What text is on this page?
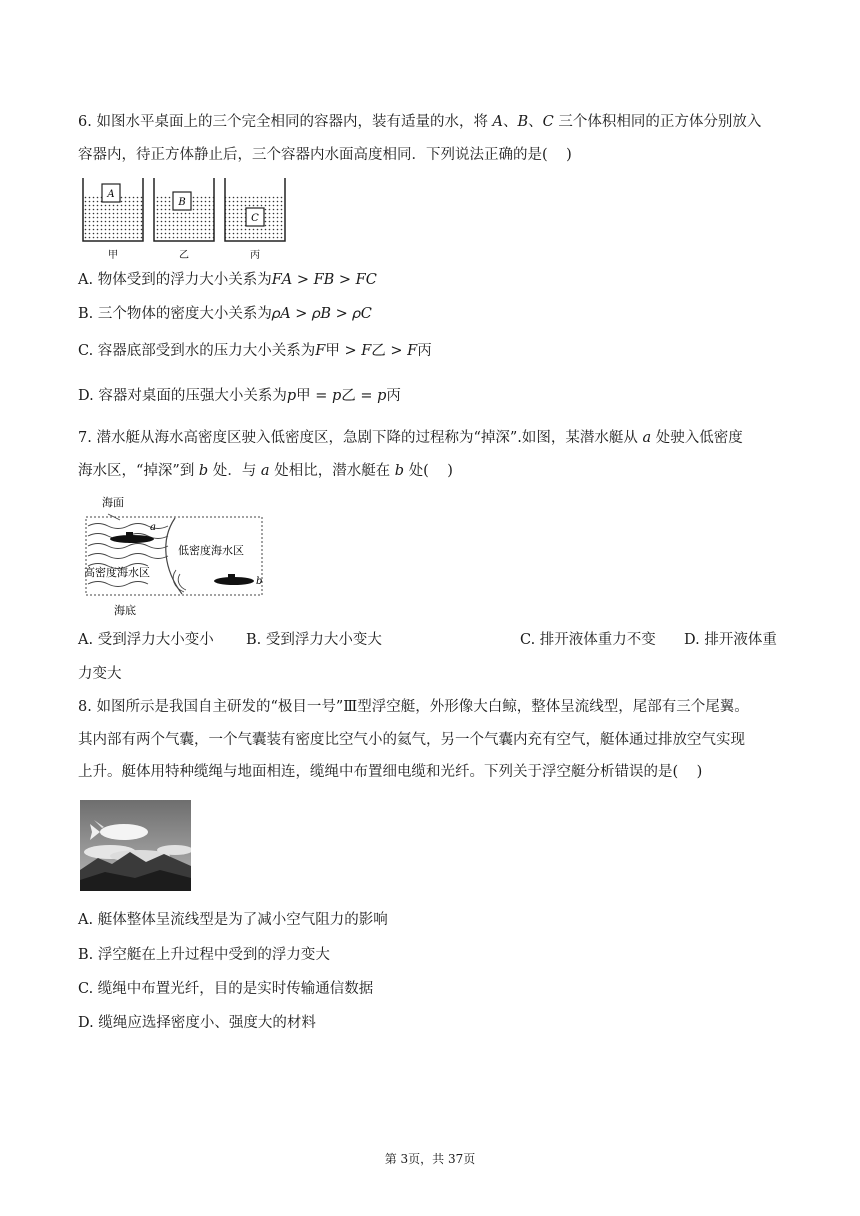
6. 如图水平桌面上的三个完全相同的容器内，装有适量的水，将 𝐴、𝐵、𝐶 三个体积相同的正方体分别放入
容器内，待正方体静止后，三个容器内水面高度相同．下列说法正确的是(    )
A
甲
B
乙
C
丙
A. 物体受到的浮力大小关系为𝐹𝐴 > 𝐹𝐵 > 𝐹𝐶
B. 三个物体的密度大小关系为𝜌𝐴 > 𝜌𝐵 > 𝜌𝐶
C. 容器底部受到水的压力大小关系为𝐹甲 > 𝐹乙 > 𝐹丙
D. 容器对桌面的压强大小关系为𝑝甲 = 𝑝乙 = 𝑝丙
7. 潜水艇从海水高密度区驶入低密度区，急剧下降的过程称为“掉深”.如图，某潜水艇从 𝑎 处驶入低密度
海水区，“掉深”到 𝑏 处．与 𝑎 处相比，潜水艇在 𝑏 处(    )
海面
a
低密度海水区
高密度海水区
b
海底
A. 受到浮力大小变小 B. 受到浮力大小变大	C. 排开液体重力不变 D. 排开液体重
力变大
8. 如图所示是我国自主研发的“极目一号”Ⅲ型浮空艇，外形像大白鲸，整体呈流线型，尾部有三个尾翼。
其内部有两个气囊，一个气囊装有密度比空气小的氦气，另一个气囊内充有空气，艇体通过排放空气实现
上升。艇体用特种缆绳与地面相连，缆绳中布置细电缆和光纤。下列关于浮空艇分析错误的是(    )
A. 艇体整体呈流线型是为了减小空气阻力的影响
B. 浮空艇在上升过程中受到的浮力变大
C. 缆绳中布置光纤，目的是实时传输通信数据
D. 缆绳应选择密度小、强度大的材料
第 3页，共 37页
